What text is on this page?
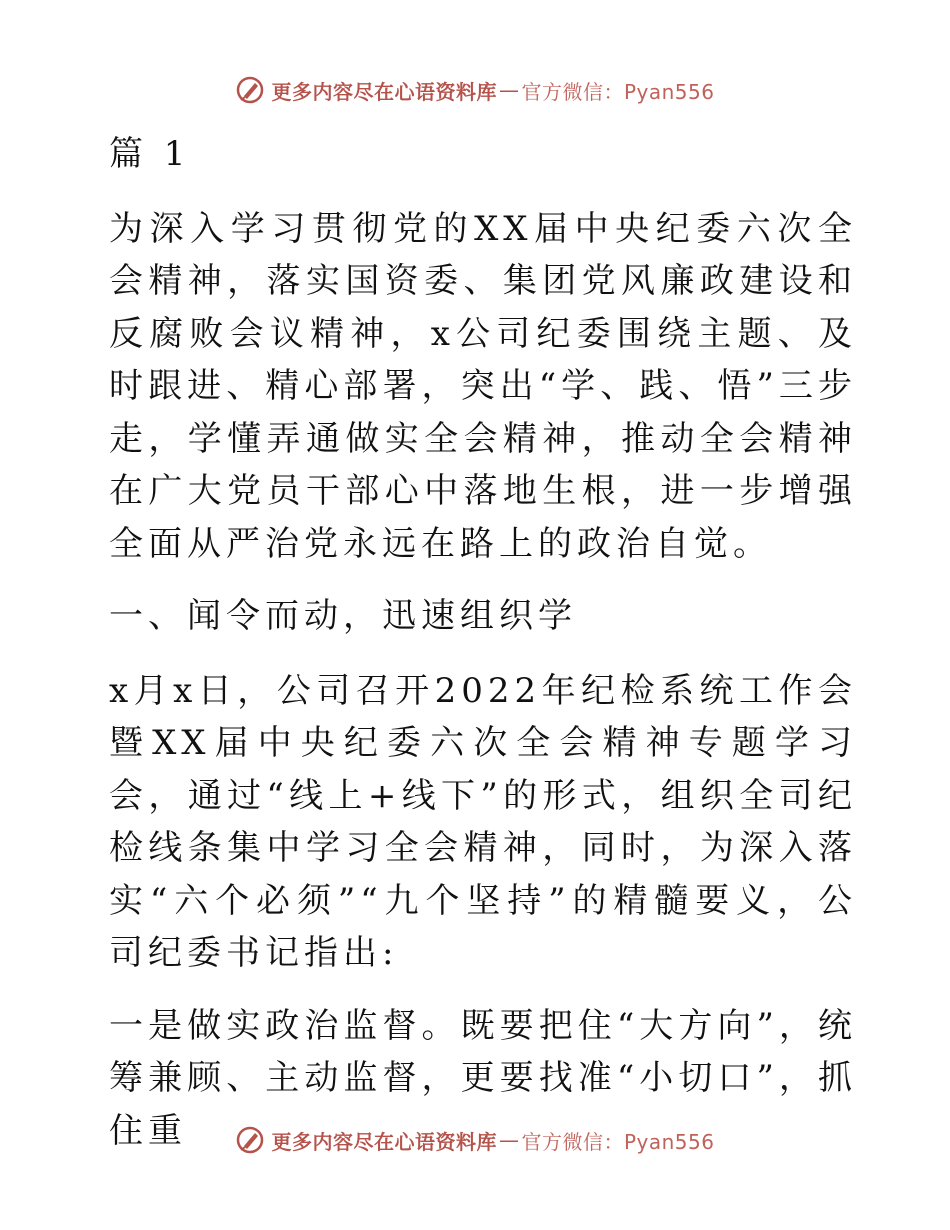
更多内容尽在心语资料库 — 官方微信：Pyan556

篇 1

为深入学习贯彻党的XX届中央纪委六次全会精神，落实国资委、集团党风廉政建设和反腐败会议精神，x公司纪委围绕主题、及时跟进、精心部署，突出“学、践、悟”三步走，学懂弄通做实全会精神，推动全会精神在广大党员干部心中落地生根，进一步增强全面从严治党永远在路上的政治自觉。

一、闻令而动，迅速组织学

x月x日，公司召开2022年纪检系统工作会暨XX届中央纪委六次全会精神专题学习会，通过“线上+线下”的形式，组织全司纪检线条集中学习全会精神，同时，为深入落实“六个必须”“九个坚持”的精髓要义，公司纪委书记指出:

一是做实政治监督。既要把住“大方向”，统筹兼顾、主动监督，更要找准“小切口”，抓住重	更多内容尽在心语资料库 — 官方微信：Pyan556
